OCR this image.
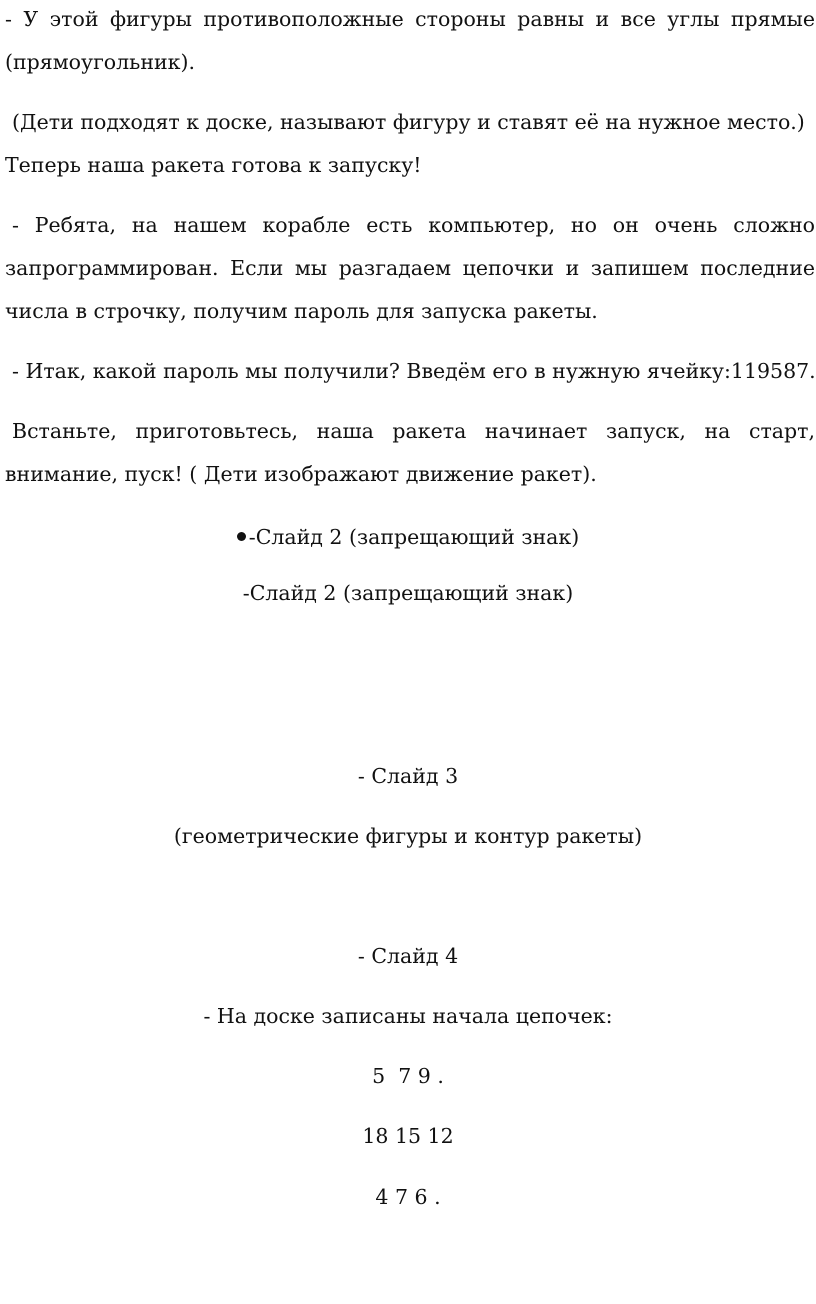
- У этой фигуры противоположные стороны равны и все углы прямые
(прямоугольник).
(Дети подходят к доске, называют фигуру и ставят её на нужное место.)
Теперь наша ракета готова к запуску!
- Ребята, на нашем корабле есть компьютер, но он очень сложно
запрограммирован. Если мы разгадаем цепочки и запишем последние
числа в строчку, получим пароль для запуска ракеты.
- Итак, какой пароль мы получили? Введём его в нужную ячейку:119587.
Встаньте, приготовьтесь, наша ракета начинает запуск, на старт,
внимание, пуск! ( Дети изображают движение ракет).
-Слайд 2 (запрещающий знак)
-Слайд 2 (запрещающий знак)
- Слайд 3
(геометрические фигуры и контур ракеты)
- Слайд 4
- На доске записаны начала цепочек:
5  7 9 .
18 15 12
4 7 6 .
